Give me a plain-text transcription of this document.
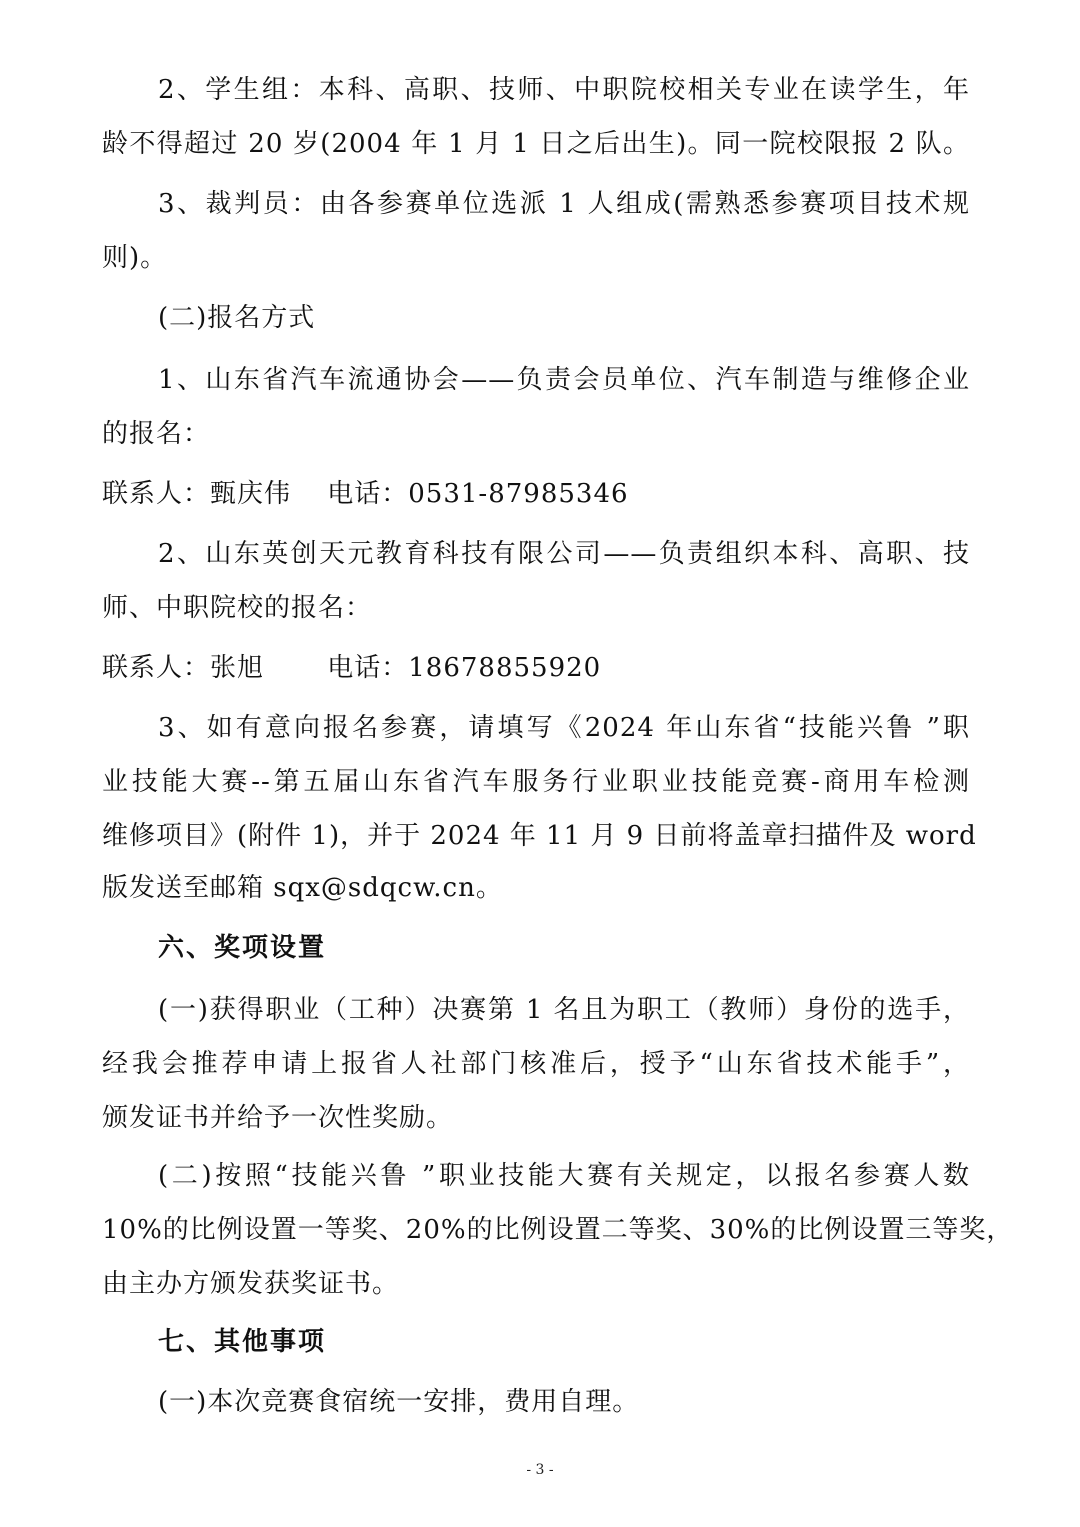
2、学生组：本科、高职、技师、中职院校相关专业在读学生，年
龄不得超过 20 岁(2004 年 1 月 1 日之后出生)。同一院校限报 2 队。
3、裁判员：由各参赛单位选派 1 人组成(需熟悉参赛项目技术规
则)。
(二)报名方式
1、山东省汽车流通协会——负责会员单位、汽车制造与维修企业
的报名：
联系人：甄庆伟　 电话：0531-87985346
2、山东英创天元教育科技有限公司——负责组织本科、高职、技
师、中职院校的报名：
联系人：张旭　　 电话：18678855920
3、如有意向报名参赛，请填写《2024 年山东省“技能兴鲁 ”职
业技能大赛--第五届山东省汽车服务行业职业技能竞赛-商用车检测
维修项目》(附件 1)，并于 2024 年 11 月 9 日前将盖章扫描件及 word
版发送至邮箱 sqx@sdqcw.cn。
六、奖项设置
(一)获得职业（工种）决赛第 1 名且为职工（教师）身份的选手，
经我会推荐申请上报省人社部门核准后，授予“山东省技术能手”，
颁发证书并给予一次性奖励。
(二)按照“技能兴鲁 ”职业技能大赛有关规定，以报名参赛人数
10%的比例设置一等奖、20%的比例设置二等奖、30%的比例设置三等奖，
由主办方颁发获奖证书。
七、其他事项
(一)本次竞赛食宿统一安排，费用自理。
- 3 -
